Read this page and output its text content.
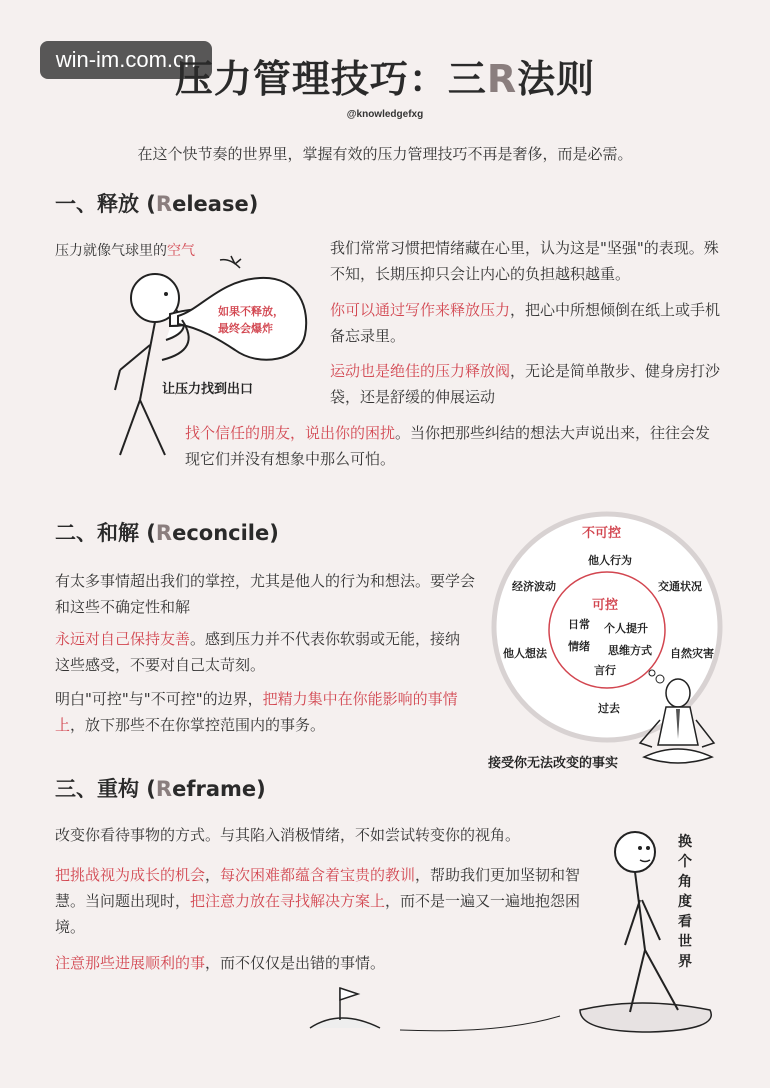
win-im.com.cn
压力管理技巧：三R法则
@knowledgefxg
在这个快节奏的世界里，掌握有效的压力管理技巧不再是奢侈，而是必需。
一、释放 (Release)
压力就像气球里的空气
如果不释放，
最终会爆炸
让压力找到出口
我们常常习惯把情绪藏在心里，认为这是"坚强"的表现。殊不知，长期压抑只会让内心的负担越积越重。
你可以通过写作来释放压力，把心中所想倾倒在纸上或手机备忘录里。
运动也是绝佳的压力释放阀，无论是简单散步、健身房打沙袋，还是舒缓的伸展运动
找个信任的朋友，说出你的困扰。当你把那些纠结的想法大声说出来，往往会发现它们并没有想象中那么可怕。
二、和解 (Reconcile)
有太多事情超出我们的掌控，尤其是他人的行为和想法。要学会和这些不确定性和解
永远对自己保持友善。感到压力并不代表你软弱或无能，接纳这些感受，不要对自己太苛刻。
明白"可控"与"不可控"的边界，把精力集中在你能影响的事情上，放下那些不在你掌控范围内的事务。
不可控
他人行为
交通状况
自然灾害
过去
他人想法
经济波动
可控
日常 个人提升
情绪 思维方式
言行
接受你无法改变的事实
三、重构 (Reframe)
改变你看待事物的方式。与其陷入消极情绪，不如尝试转变你的视角。
把挑战视为成长的机会，每次困难都蕴含着宝贵的教训，帮助我们更加坚韧和智慧。当问题出现时，把注意力放在寻找解决方案上，而不是一遍又一遍地抱怨困境。
注意那些进展顺利的事，而不仅仅是出错的事情。
换个角度看世界
